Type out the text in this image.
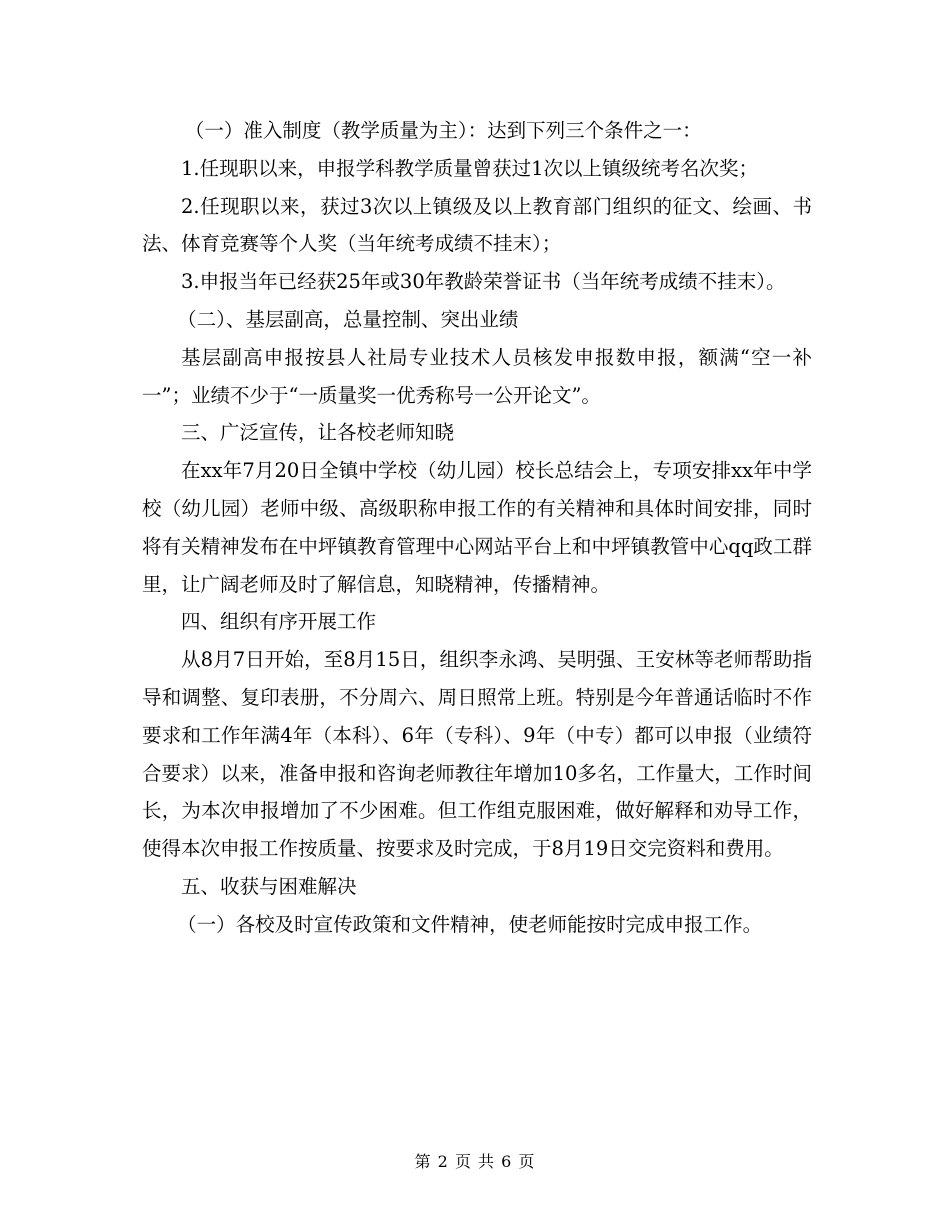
（一）准入制度（教学质量为主）：达到下列三个条件之一：

1.任现职以来，申报学科教学质量曾获过1次以上镇级统考名次奖；

2.任现职以来，获过3次以上镇级及以上教育部门组织的征文、绘画、书法、体育竞赛等个人奖（当年统考成绩不挂末）；

3.申报当年已经获25年或30年教龄荣誉证书（当年统考成绩不挂末）。

（二）、基层副高，总量控制、突出业绩

基层副高申报按县人社局专业技术人员核发申报数申报，额满“空一补一”；业绩不少于“一质量奖一优秀称号一公开论文”。

三、广泛宣传，让各校老师知晓

在xx年7月20日全镇中学校（幼儿园）校长总结会上，专项安排xx年中学校（幼儿园）老师中级、高级职称申报工作的有关精神和具体时间安排，同时将有关精神发布在中坪镇教育管理中心网站平台上和中坪镇教管中心qq政工群里，让广阔老师及时了解信息，知晓精神，传播精神。

四、组织有序开展工作

从8月7日开始，至8月15日，组织李永鸿、吴明强、王安林等老师帮助指导和调整、复印表册，不分周六、周日照常上班。特别是今年普通话临时不作要求和工作年满4年（本科）、6年（专科）、9年（中专）都可以申报（业绩符合要求）以来，准备申报和咨询老师教往年增加10多名，工作量大，工作时间长，为本次申报增加了不少困难。但工作组克服困难，做好解释和劝导工作，使得本次申报工作按质量、按要求及时完成，于8月19日交完资料和费用。

五、收获与困难解决

（一）各校及时宣传政策和文件精神，使老师能按时完成申报工作。

第 2 页 共 6 页
